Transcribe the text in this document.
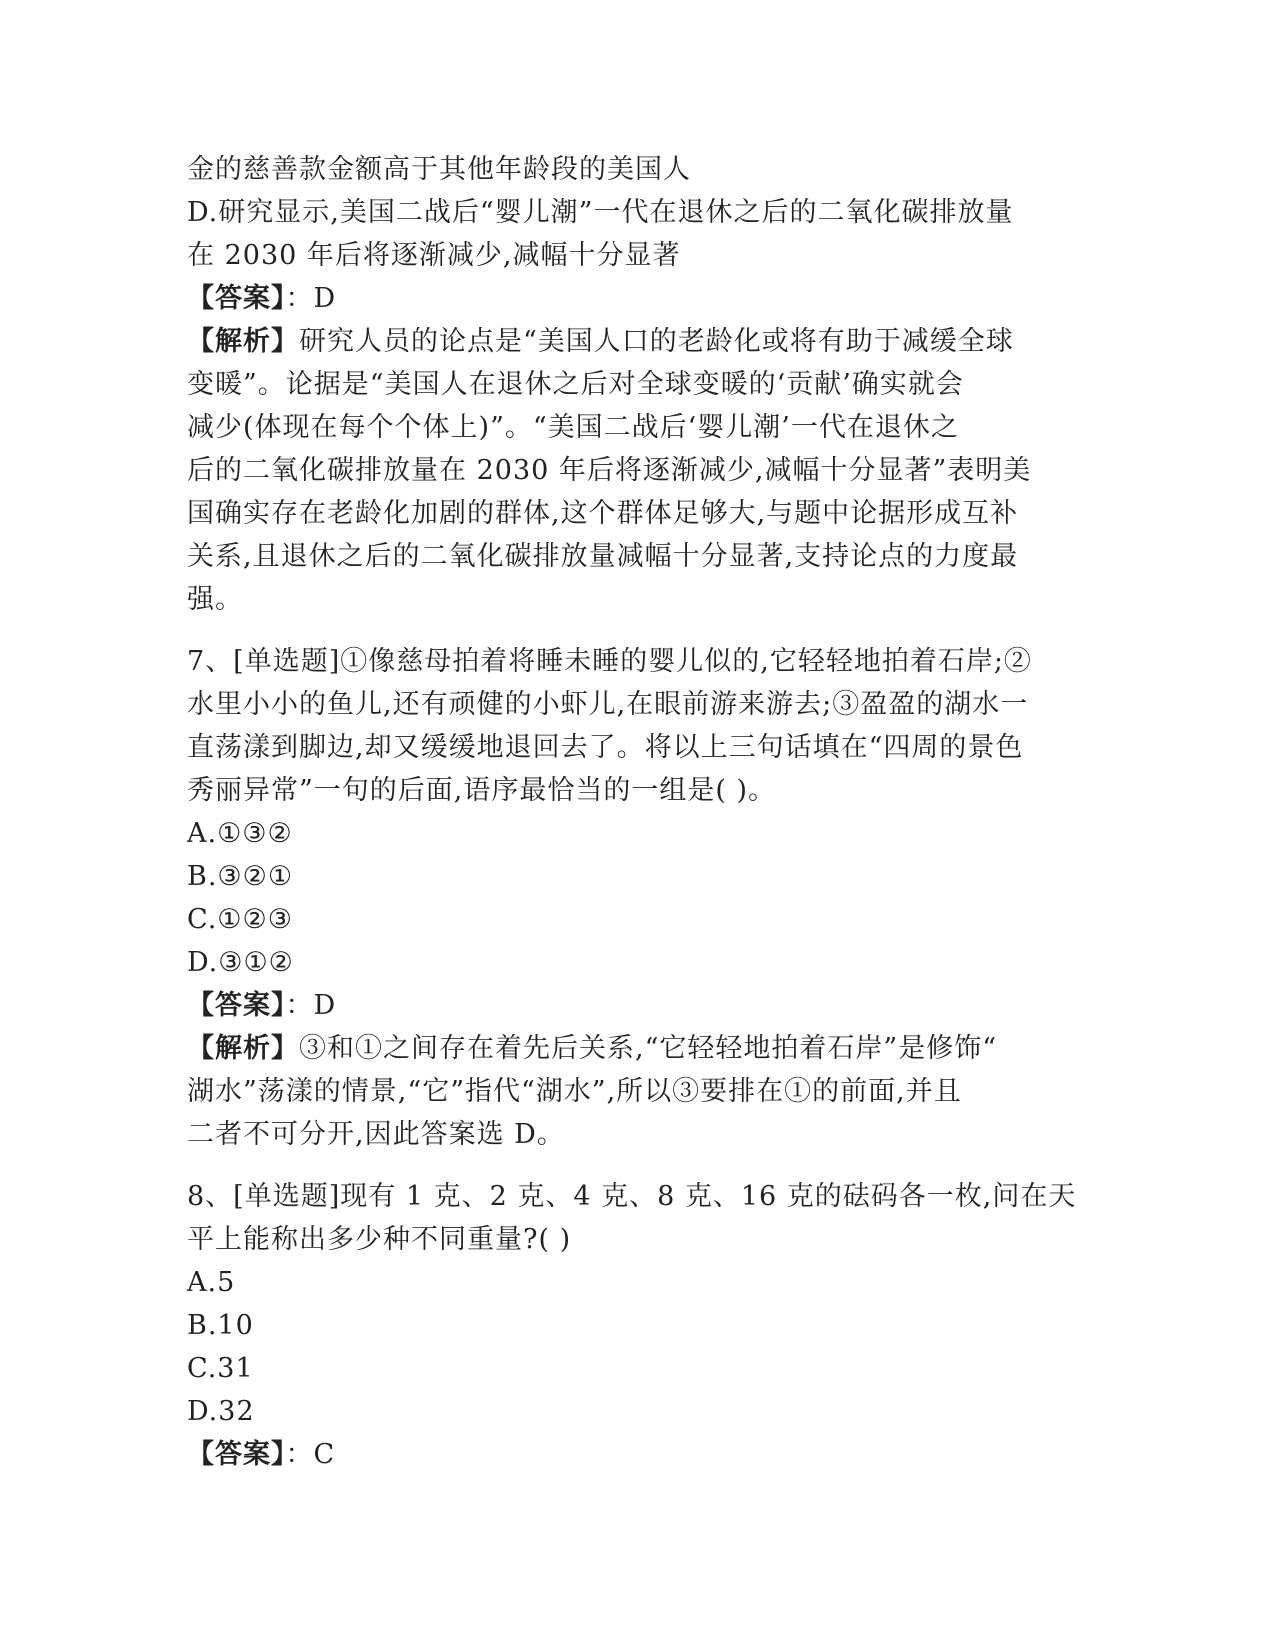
金的慈善款金额高于其他年龄段的美国人
D.研究显示,美国二战后“婴儿潮”一代在退休之后的二氧化碳排放量
在 2030 年后将逐渐减少,减幅十分显著
【答案】：D
【解析】研究人员的论点是“美国人口的老龄化或将有助于减缓全球
变暖”。论据是“美国人在退休之后对全球变暖的‘贡献’确实就会
减少(体现在每个个体上)”。“美国二战后‘婴儿潮’一代在退休之
后的二氧化碳排放量在 2030 年后将逐渐减少,减幅十分显著”表明美
国确实存在老龄化加剧的群体,这个群体足够大,与题中论据形成互补
关系,且退休之后的二氧化碳排放量减幅十分显著,支持论点的力度最
强。
7、[单选题]①像慈母拍着将睡未睡的婴儿似的,它轻轻地拍着石岸;②
水里小小的鱼儿,还有顽健的小虾儿,在眼前游来游去;③盈盈的湖水一
直荡漾到脚边,却又缓缓地退回去了。将以上三句话填在“四周的景色
秀丽异常”一句的后面,语序最恰当的一组是( )。
A.①③②
B.③②①
C.①②③
D.③①②
【答案】：D
【解析】③和①之间存在着先后关系,“它轻轻地拍着石岸”是修饰“
湖水”荡漾的情景,“它”指代“湖水”,所以③要排在①的前面,并且
二者不可分开,因此答案选 D。
8、[单选题]现有 1 克、2 克、4 克、8 克、16 克的砝码各一枚,问在天
平上能称出多少种不同重量?( )
A.5
B.10
C.31
D.32
【答案】：C
